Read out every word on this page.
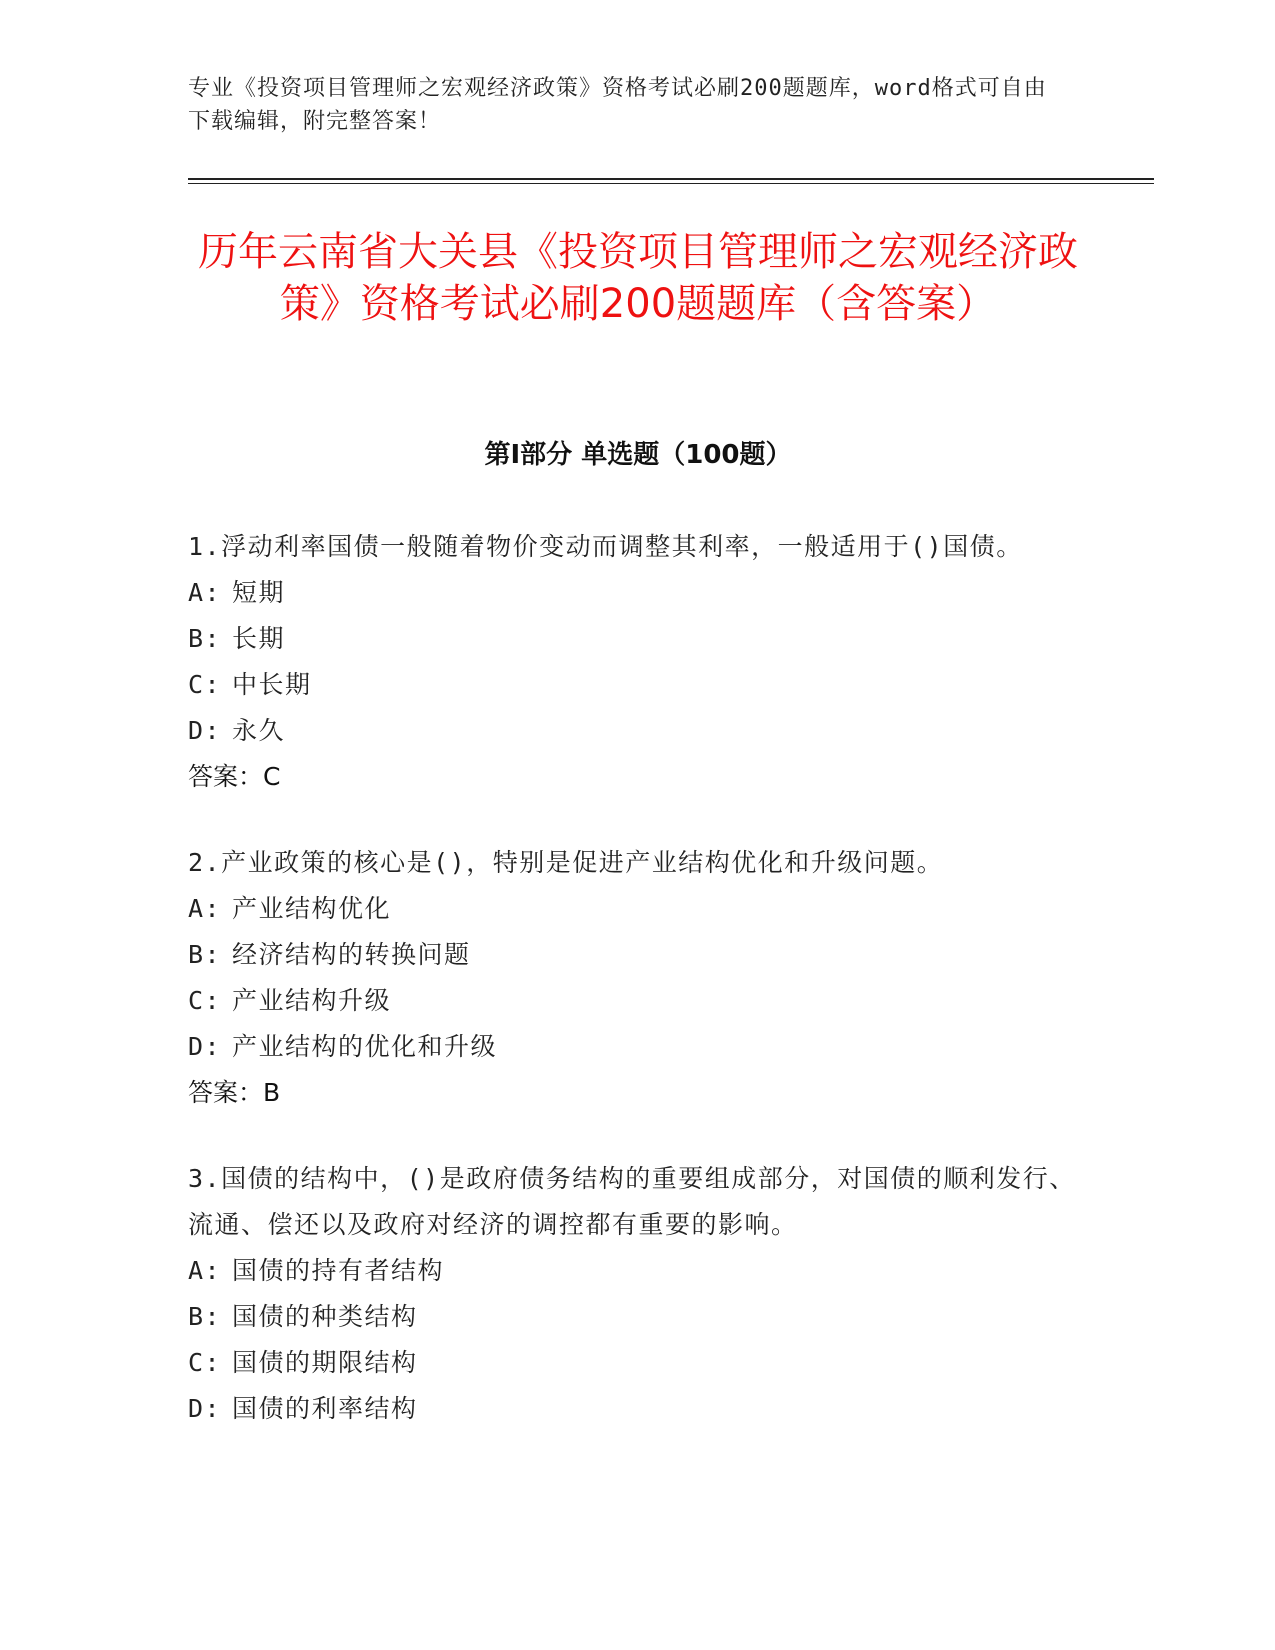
专业《投资项目管理师之宏观经济政策》资格考试必刷200题题库，word格式可自由下载编辑，附完整答案！
历年云南省大关县《投资项目管理师之宏观经济政策》资格考试必刷200题题库（含答案）
第I部分 单选题（100题）

1.浮动利率国债一般随着物价变动而调整其利率，一般适用于()国债。

A: 短期

B: 长期

C: 中长期

D: 永久

答案：C

2.产业政策的核心是()，特别是促进产业结构优化和升级问题。

A: 产业结构优化

B: 经济结构的转换问题

C: 产业结构升级

D: 产业结构的优化和升级

答案：B

3.国债的结构中，()是政府债务结构的重要组成部分，对国债的顺利发行、流通、偿还以及政府对经济的调控都有重要的影响。

A: 国债的持有者结构

B: 国债的种类结构

C: 国债的期限结构

D: 国债的利率结构
